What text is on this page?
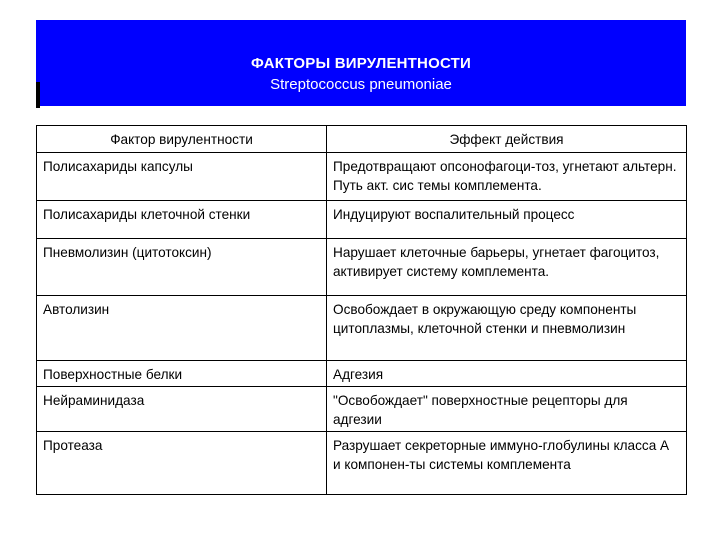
ФАКТОРЫ ВИРУЛЕНТНОСТИ
Streptococcus pneumoniae
Фактор вирулентности	Эффект действия
Полисахариды капсулы	Предотвращают опсонофагоци-тоз, угнетают альтерн. Путь акт. сис темы комплемента.
Полисахариды клеточной стенки	Индуцируют воспалительный процесс
Пневмолизин (цитотоксин)	Нарушает клеточные барьеры, угнетает фагоцитоз, активирует систему комплемента.
Автолизин	Освобождает в окружающую среду компоненты цитоплазмы, клеточной стенки и пневмолизин
Поверхностные белки	Адгезия
Нейраминидаза	"Освобождает" поверхностные рецепторы для адгезии
Протеаза	Разрушает секреторные иммуно-глобулины класса А и компонен-ты системы комплемента
